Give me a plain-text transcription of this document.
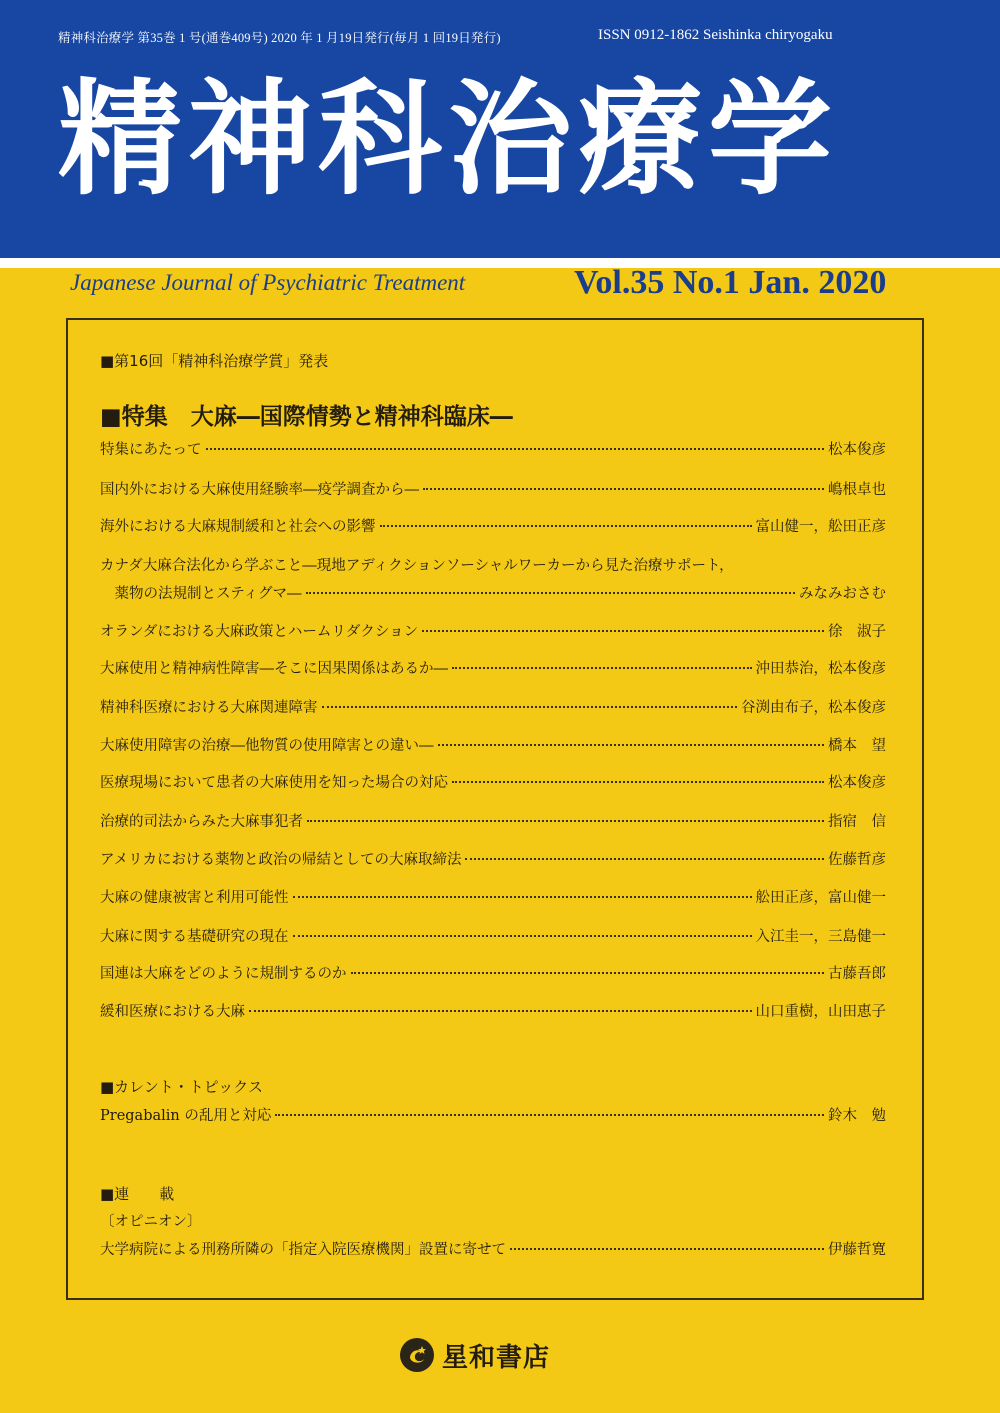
精神科治療学 第35巻 1 号(通巻409号) 2020 年 1 月19日発行(毎月 1 回19日発行)	ISSN 0912-1862 Seishinka chiryogaku
精神科治療学
Japanese Journal of Psychiatric Treatment	Vol.35 No.1 Jan. 2020
■第16回「精神科治療学賞」発表
■特集　大麻―国際情勢と精神科臨床―
特集にあたって	松本俊彦
国内外における大麻使用経験率―疫学調査から―	嶋根卓也
海外における大麻規制緩和と社会への影響	富山健一，舩田正彦
カナダ大麻合法化から学ぶこと―現地アディクションソーシャルワーカーから見た治療サポート，
　薬物の法規制とスティグマ―	みなみおさむ
オランダにおける大麻政策とハームリダクション	徐　淑子
大麻使用と精神病性障害―そこに因果関係はあるか―	沖田恭治，松本俊彦
精神科医療における大麻関連障害	谷渕由布子，松本俊彦
大麻使用障害の治療―他物質の使用障害との違い―	橋本　望
医療現場において患者の大麻使用を知った場合の対応	松本俊彦
治療的司法からみた大麻事犯者	指宿　信
アメリカにおける薬物と政治の帰結としての大麻取締法	佐藤哲彦
大麻の健康被害と利用可能性	舩田正彦，富山健一
大麻に関する基礎研究の現在	入江圭一，三島健一
国連は大麻をどのように規制するのか	古藤吾郎
緩和医療における大麻	山口重樹，山田恵子
■カレント・トピックス
Pregabalin の乱用と対応	鈴木　勉
■連　　載
〔オピニオン〕
大学病院による刑務所隣の「指定入院医療機関」設置に寄せて	伊藤哲寛
星和書店
